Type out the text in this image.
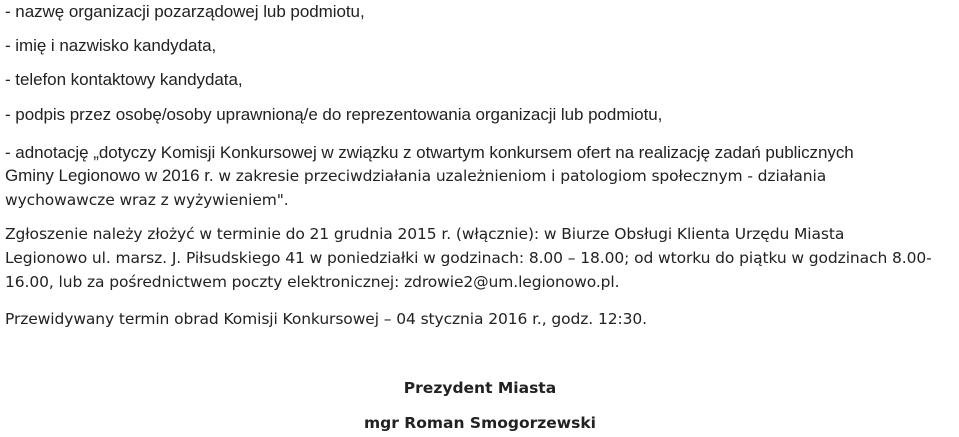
- nazwę organizacji pozarządowej lub podmiotu,
- imię i nazwisko kandydata,
- telefon kontaktowy kandydata,
- podpis przez osobę/osoby uprawnioną/e do reprezentowania organizacji lub podmiotu,
- adnotację „dotyczy Komisji Konkursowej w związku z otwartym konkursem ofert na realizację zadań publicznych
Gminy Legionowo w 2016 r. w zakresie przeciwdziałania uzależnieniom i patologiom społecznym - działania
wychowawcze wraz z wyżywieniem".
Zgłoszenie należy złożyć w terminie do 21 grudnia 2015 r. (włącznie): w Biurze Obsługi Klienta Urzędu Miasta
Legionowo ul. marsz. J. Piłsudskiego 41 w poniedziałki w godzinach: 8.00 – 18.00; od wtorku do piątku w godzinach 8.00-
16.00, lub za pośrednictwem poczty elektronicznej: zdrowie2@um.legionowo.pl.
Przewidywany termin obrad Komisji Konkursowej – 04 stycznia 2016 r., godz. 12:30.
Prezydent Miasta
mgr Roman Smogorzewski
